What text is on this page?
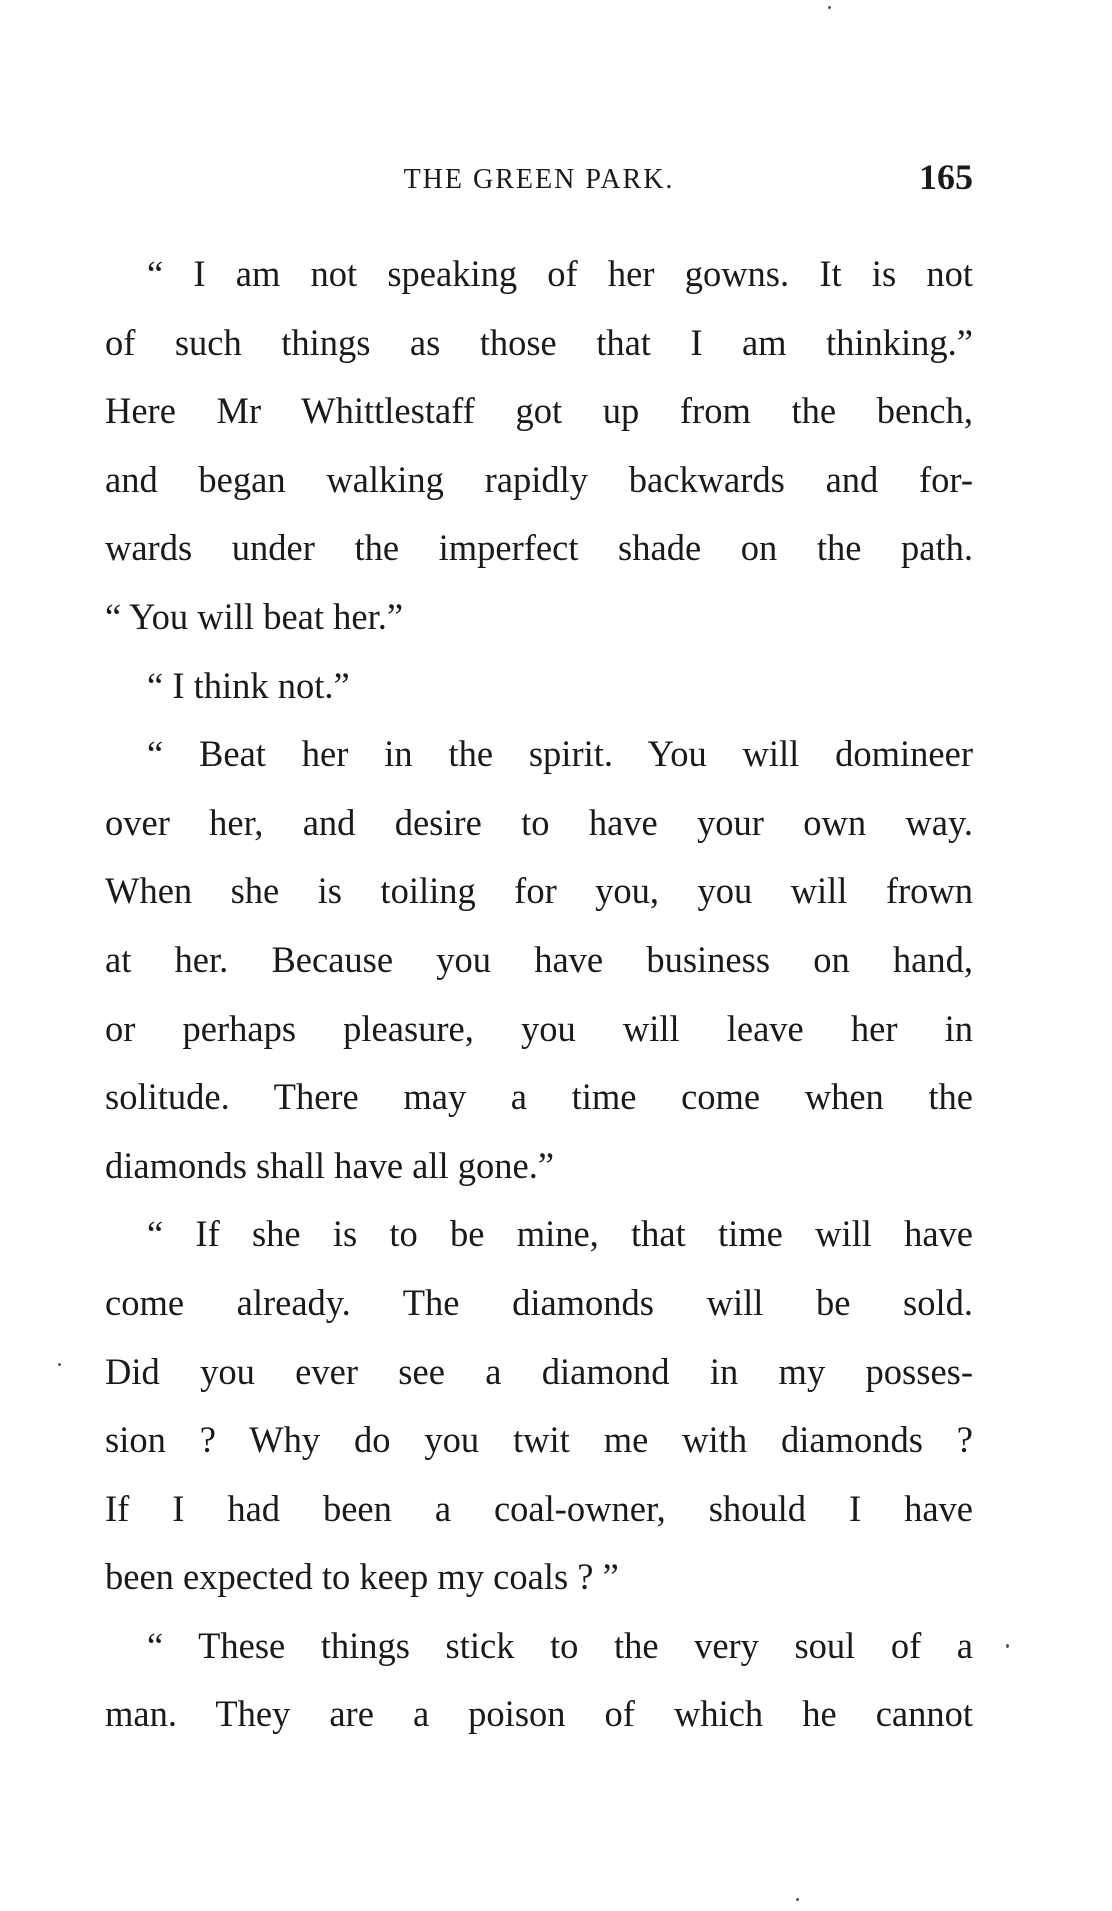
THE GREEN PARK.	165

“ I am not speaking of her gowns. It is not
of such things as those that I am thinking.”
Here Mr Whittlestaff got up from the bench,
and began walking rapidly backwards and for-
wards under the imperfect shade on the path.
“ You will beat her.”

“ I think not.”

“ Beat her in the spirit. You will domineer
over her, and desire to have your own way.
When she is toiling for you, you will frown
at her. Because you have business on hand,
or perhaps pleasure, you will leave her in
solitude. There may a time come when the
diamonds shall have all gone.”

“ If she is to be mine, that time will have
come already. The diamonds will be sold.
Did you ever see a diamond in my posses-
sion ? Why do you twit me with diamonds ?
If I had been a coal-owner, should I have
been expected to keep my coals ? ”

“ These things stick to the very soul of a
man. They are a poison of which he cannot
